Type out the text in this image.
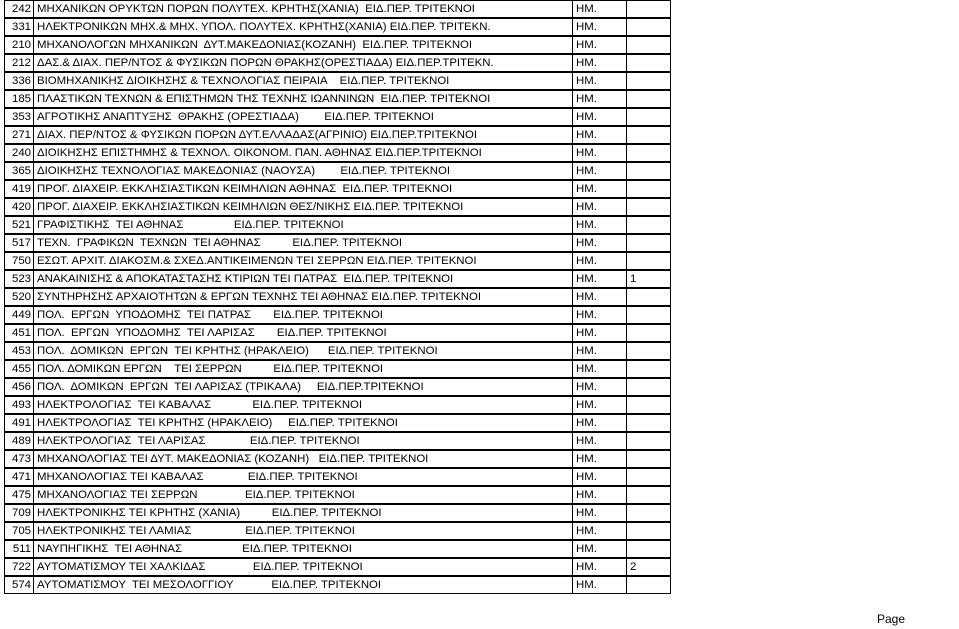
242	ΜΗΧΑΝΙΚΩΝ ΟΡΥΚΤΩΝ ΠΟΡΩΝ ΠΟΛΥΤΕΧ. ΚΡΗΤΗΣ(ΧΑΝΙΑ)  ΕΙΔ.ΠΕΡ. ΤΡΙΤΕΚΝΟΙ	ΗΜ.	
331	ΗΛΕΚΤΡΟΝΙΚΩΝ ΜΗΧ.& ΜΗΧ. ΥΠΟΛ. ΠΟΛΥΤΕΧ. ΚΡΗΤΗΣ(ΧΑΝΙΑ) ΕΙΔ.ΠΕΡ. ΤΡΙΤΕΚΝ.	ΗΜ.	
210	ΜΗΧΑΝΟΛΟΓΩΝ ΜΗΧΑΝΙΚΩΝ  ΔΥΤ.ΜΑΚΕΔΟΝΙΑΣ(ΚΟΖΑΝΗ)  ΕΙΔ.ΠΕΡ. ΤΡΙΤΕΚΝΟΙ	ΗΜ.	
212	ΔΑΣ.& ΔΙΑΧ. ΠΕΡ/ΝΤΟΣ & ΦΥΣΙΚΩΝ ΠΟΡΩΝ ΘΡΑΚΗΣ(ΟΡΕΣΤΙΑΔΑ) ΕΙΔ.ΠΕΡ.ΤΡΙΤΕΚΝ.	ΗΜ.	
336	ΒΙΟΜΗΧΑΝΙΚΗΣ ΔΙΟΙΚΗΣΗΣ & ΤΕΧΝΟΛΟΓΙΑΣ ΠΕΙΡΑΙΑ    ΕΙΔ.ΠΕΡ. ΤΡΙΤΕΚΝΟΙ	ΗΜ.	
185	ΠΛΑΣΤΙΚΩΝ ΤΕΧΝΩΝ & ΕΠΙΣΤΗΜΩΝ ΤΗΣ ΤΕΧΝΗΣ ΙΩΑΝΝΙΝΩΝ  ΕΙΔ.ΠΕΡ. ΤΡΙΤΕΚΝΟΙ	ΗΜ.	
353	ΑΓΡΟΤΙΚΗΣ ΑΝΑΠΤΥΞΗΣ  ΘΡΑΚΗΣ (ΟΡΕΣΤΙΑΔΑ)        ΕΙΔ.ΠΕΡ. ΤΡΙΤΕΚΝΟΙ	ΗΜ.	
271	ΔΙΑΧ. ΠΕΡ/ΝΤΟΣ & ΦΥΣΙΚΩΝ ΠΟΡΩΝ ΔΥΤ.ΕΛΛΑΔΑΣ(ΑΓΡΙΝΙΟ) ΕΙΔ.ΠΕΡ.ΤΡΙΤΕΚΝΟΙ	ΗΜ.	
240	ΔΙΟΙΚΗΣΗΣ ΕΠΙΣΤΗΜΗΣ & ΤΕΧΝΟΛ. ΟΙΚΟΝΟΜ. ΠΑΝ. ΑΘΗΝΑΣ ΕΙΔ.ΠΕΡ.ΤΡΙΤΕΚΝΟΙ	ΗΜ.	
365	ΔΙΟΙΚΗΣΗΣ ΤΕΧΝΟΛΟΓΙΑΣ ΜΑΚΕΔΟΝΙΑΣ (ΝΑΟΥΣΑ)        ΕΙΔ.ΠΕΡ. ΤΡΙΤΕΚΝΟΙ	ΗΜ.	
419	ΠΡΟΓ. ΔΙΑΧΕΙΡ. ΕΚΚΛΗΣΙΑΣΤΙΚΩΝ ΚΕΙΜΗΛΙΩΝ ΑΘΗΝΑΣ  ΕΙΔ.ΠΕΡ. ΤΡΙΤΕΚΝΟΙ	ΗΜ.	
420	ΠΡΟΓ. ΔΙΑΧΕΙΡ. ΕΚΚΛΗΣΙΑΣΤΙΚΩΝ ΚΕΙΜΗΛΙΩΝ ΘΕΣ/ΝΙΚΗΣ ΕΙΔ.ΠΕΡ. ΤΡΙΤΕΚΝΟΙ	ΗΜ.	
521	ΓΡΑΦΙΣΤΙΚΗΣ  ΤΕΙ ΑΘΗΝΑΣ                ΕΙΔ.ΠΕΡ. ΤΡΙΤΕΚΝΟΙ	ΗΜ.	
517	ΤΕΧΝ.  ΓΡΑΦΙΚΩΝ  ΤΕΧΝΩΝ  ΤΕΙ ΑΘΗΝΑΣ          ΕΙΔ.ΠΕΡ. ΤΡΙΤΕΚΝΟΙ	ΗΜ.	
750	ΕΣΩΤ. ΑΡΧΙΤ. ΔΙΑΚΟΣΜ.& ΣΧΕΔ.ΑΝΤΙΚΕΙΜΕΝΩΝ ΤΕΙ ΣΕΡΡΩΝ ΕΙΔ.ΠΕΡ. ΤΡΙΤΕΚΝΟΙ	ΗΜ.	
523	ΑΝΑΚΑΙΝΙΣΗΣ & ΑΠΟΚΑΤΑΣΤΑΣΗΣ ΚΤΙΡΙΩΝ ΤΕΙ ΠΑΤΡΑΣ  ΕΙΔ.ΠΕΡ. ΤΡΙΤΕΚΝΟΙ	ΗΜ.	1
520	ΣΥΝΤΗΡΗΣΗΣ ΑΡΧΑΙΟΤΗΤΩΝ & ΕΡΓΩΝ ΤΕΧΝΗΣ ΤΕΙ ΑΘΗΝΑΣ ΕΙΔ.ΠΕΡ. ΤΡΙΤΕΚΝΟΙ	ΗΜ.	
449	ΠΟΛ.  ΕΡΓΩΝ  ΥΠΟΔΟΜΗΣ  ΤΕΙ ΠΑΤΡΑΣ       ΕΙΔ.ΠΕΡ. ΤΡΙΤΕΚΝΟΙ	ΗΜ.	
451	ΠΟΛ.  ΕΡΓΩΝ  ΥΠΟΔΟΜΗΣ  ΤΕΙ ΛΑΡΙΣΑΣ       ΕΙΔ.ΠΕΡ. ΤΡΙΤΕΚΝΟΙ	ΗΜ.	
453	ΠΟΛ.  ΔΟΜΙΚΩΝ  ΕΡΓΩΝ  ΤΕΙ ΚΡΗΤΗΣ (ΗΡΑΚΛΕΙΟ)      ΕΙΔ.ΠΕΡ. ΤΡΙΤΕΚΝΟΙ	ΗΜ.	
455	ΠΟΛ. ΔΟΜΙΚΩΝ ΕΡΓΩΝ    ΤΕΙ ΣΕΡΡΩΝ          ΕΙΔ.ΠΕΡ. ΤΡΙΤΕΚΝΟΙ	ΗΜ.	
456	ΠΟΛ.  ΔΟΜΙΚΩΝ  ΕΡΓΩΝ  ΤΕΙ ΛΑΡΙΣΑΣ (ΤΡΙΚΑΛΑ)     ΕΙΔ.ΠΕΡ.ΤΡΙΤΕΚΝΟΙ	ΗΜ.	
493	ΗΛΕΚΤΡΟΛΟΓΙΑΣ  ΤΕΙ ΚΑΒΑΛΑΣ             ΕΙΔ.ΠΕΡ. ΤΡΙΤΕΚΝΟΙ	ΗΜ.	
491	ΗΛΕΚΤΡΟΛΟΓΙΑΣ  ΤΕΙ ΚΡΗΤΗΣ (ΗΡΑΚΛΕΙΟ)     ΕΙΔ.ΠΕΡ. ΤΡΙΤΕΚΝΟΙ	ΗΜ.	
489	ΗΛΕΚΤΡΟΛΟΓΙΑΣ  ΤΕΙ ΛΑΡΙΣΑΣ              ΕΙΔ.ΠΕΡ. ΤΡΙΤΕΚΝΟΙ	ΗΜ.	
473	ΜΗΧΑΝΟΛΟΓΙΑΣ ΤΕΙ ΔΥΤ. ΜΑΚΕΔΟΝΙΑΣ (ΚΟΖΑΝΗ)   ΕΙΔ.ΠΕΡ. ΤΡΙΤΕΚΝΟΙ	ΗΜ.	
471	ΜΗΧΑΝΟΛΟΓΙΑΣ ΤΕΙ ΚΑΒΑΛΑΣ              ΕΙΔ.ΠΕΡ. ΤΡΙΤΕΚΝΟΙ	ΗΜ.	
475	ΜΗΧΑΝΟΛΟΓΙΑΣ ΤΕΙ ΣΕΡΡΩΝ               ΕΙΔ.ΠΕΡ. ΤΡΙΤΕΚΝΟΙ	ΗΜ.	
709	ΗΛΕΚΤΡΟΝΙΚΗΣ ΤΕΙ ΚΡΗΤΗΣ (ΧΑΝΙΑ)          ΕΙΔ.ΠΕΡ. ΤΡΙΤΕΚΝΟΙ	ΗΜ.	
705	ΗΛΕΚΤΡΟΝΙΚΗΣ ΤΕΙ ΛΑΜΙΑΣ                 ΕΙΔ.ΠΕΡ. ΤΡΙΤΕΚΝΟΙ	ΗΜ.	
511	ΝΑΥΠΗΓΙΚΗΣ  ΤΕΙ ΑΘΗΝΑΣ                   ΕΙΔ.ΠΕΡ. ΤΡΙΤΕΚΝΟΙ	ΗΜ.	
722	ΑΥΤΟΜΑΤΙΣΜΟΥ ΤΕΙ ΧΑΛΚΙΔΑΣ               ΕΙΔ.ΠΕΡ. ΤΡΙΤΕΚΝΟΙ	ΗΜ.	2
574	ΑΥΤΟΜΑΤΙΣΜΟΥ  ΤΕΙ ΜΕΣΟΛΟΓΓΙΟΥ            ΕΙΔ.ΠΕΡ. ΤΡΙΤΕΚΝΟΙ	ΗΜ.	
Page
